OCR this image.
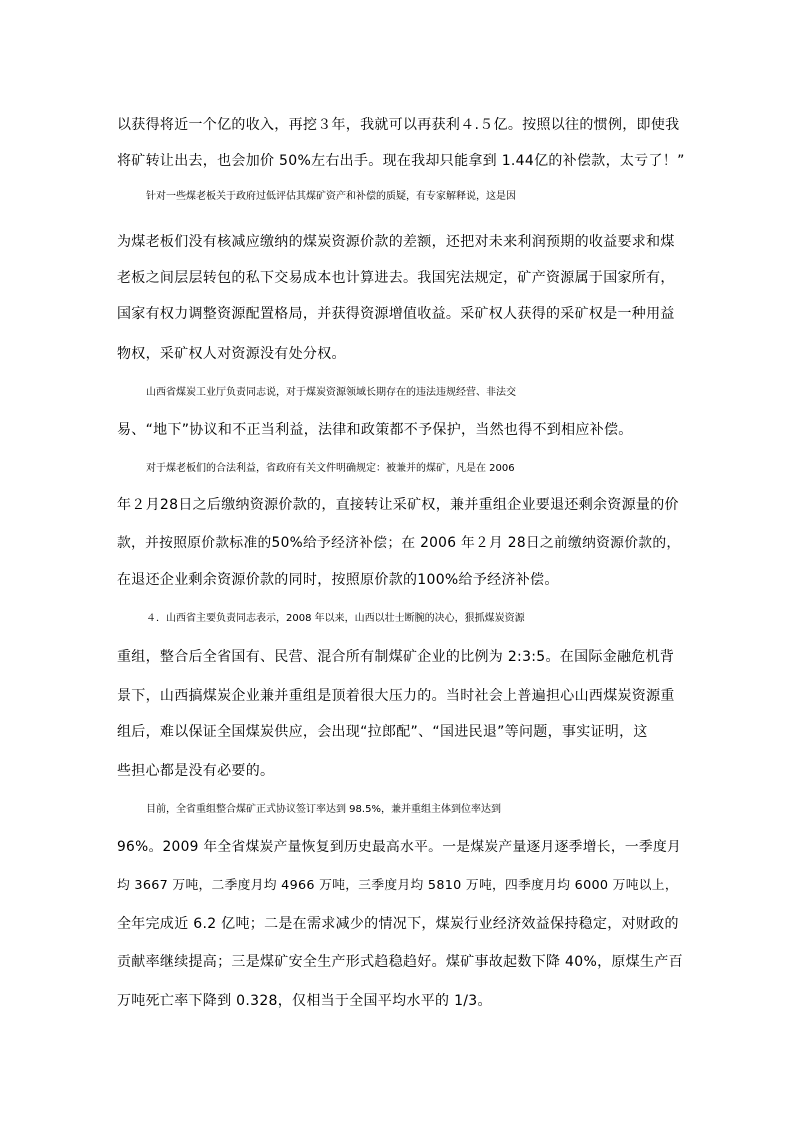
以获得将近一个亿的收入，再挖３年，我就可以再获利４.５亿。按照以往的惯例，即使我
将矿转让出去，也会加价 50%左右出手。现在我却只能拿到 1.44亿的补偿款，太亏了！”
针对一些煤老板关于政府过低评估其煤矿资产和补偿的质疑，有专家解释说，这是因
为煤老板们没有核减应缴纳的煤炭资源价款的差额，还把对未来利润预期的收益要求和煤
老板之间层层转包的私下交易成本也计算进去。我国宪法规定，矿产资源属于国家所有，
国家有权力调整资源配置格局，并获得资源增值收益。采矿权人获得的采矿权是一种用益
物权，采矿权人对资源没有处分权。
山西省煤炭工业厅负责同志说，对于煤炭资源领域长期存在的违法违规经营、非法交
易、“地下”协议和不正当利益，法律和政策都不予保护，当然也得不到相应补偿。
对于煤老板们的合法利益，省政府有关文件明确规定：被兼并的煤矿，凡是在 2006
年２月28日之后缴纳资源价款的，直接转让采矿权，兼并重组企业要退还剩余资源量的价
款，并按照原价款标准的50%给予经济补偿；在 2006 年２月 28日之前缴纳资源价款的，
在退还企业剩余资源价款的同时，按照原价款的100%给予经济补偿。
４．山西省主要负责同志表示，2008 年以来，山西以壮士断腕的决心，狠抓煤炭资源
重组，整合后全省国有、民营、混合所有制煤矿企业的比例为 2:3:5。在国际金融危机背
景下，山西搞煤炭企业兼并重组是顶着很大压力的。当时社会上普遍担心山西煤炭资源重
组后，难以保证全国煤炭供应，会出现“拉郎配”、“国进民退”等问题，事实证明，这
些担心都是没有必要的。
目前，全省重组整合煤矿正式协议签订率达到 98.5%，兼并重组主体到位率达到
96%。2009 年全省煤炭产量恢复到历史最高水平。一是煤炭产量逐月逐季增长，一季度月
均 3667 万吨，二季度月均 4966 万吨，三季度月均 5810 万吨，四季度月均 6000 万吨以上，
全年完成近 6.2 亿吨；二是在需求减少的情况下，煤炭行业经济效益保持稳定，对财政的
贡献率继续提高；三是煤矿安全生产形式趋稳趋好。煤矿事故起数下降 40%，原煤生产百
万吨死亡率下降到 0.328，仅相当于全国平均水平的 1/3。
